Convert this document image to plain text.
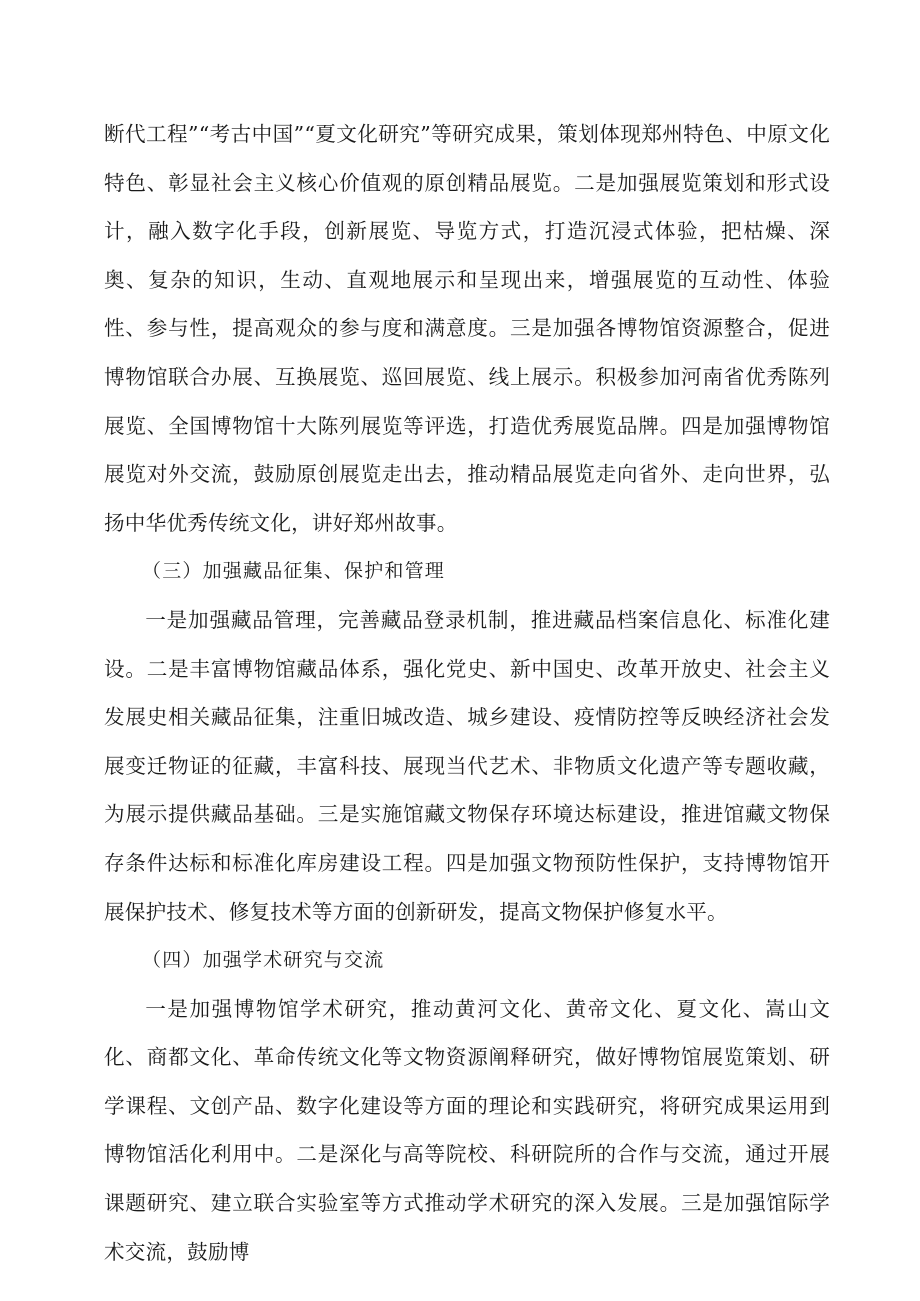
断代工程”“考古中国”“夏文化研究”等研究成果，策划体现郑州特色、中原文化特色、彰显社会主义核心价值观的原创精品展览。二是加强展览策划和形式设计，融入数字化手段，创新展览、导览方式，打造沉浸式体验，把枯燥、深奥、复杂的知识，生动、直观地展示和呈现出来，增强展览的互动性、体验性、参与性，提高观众的参与度和满意度。三是加强各博物馆资源整合，促进博物馆联合办展、互换展览、巡回展览、线上展示。积极参加河南省优秀陈列展览、全国博物馆十大陈列展览等评选，打造优秀展览品牌。四是加强博物馆展览对外交流，鼓励原创展览走出去，推动精品展览走向省外、走向世界，弘扬中华优秀传统文化，讲好郑州故事。

（三）加强藏品征集、保护和管理

一是加强藏品管理，完善藏品登录机制，推进藏品档案信息化、标准化建设。二是丰富博物馆藏品体系，强化党史、新中国史、改革开放史、社会主义发展史相关藏品征集，注重旧城改造、城乡建设、疫情防控等反映经济社会发展变迁物证的征藏，丰富科技、展现当代艺术、非物质文化遗产等专题收藏，为展示提供藏品基础。三是实施馆藏文物保存环境达标建设，推进馆藏文物保存条件达标和标准化库房建设工程。四是加强文物预防性保护，支持博物馆开展保护技术、修复技术等方面的创新研发，提高文物保护修复水平。

（四）加强学术研究与交流

一是加强博物馆学术研究，推动黄河文化、黄帝文化、夏文化、嵩山文化、商都文化、革命传统文化等文物资源阐释研究，做好博物馆展览策划、研学课程、文创产品、数字化建设等方面的理论和实践研究，将研究成果运用到博物馆活化利用中。二是深化与高等院校、科研院所的合作与交流，通过开展课题研究、建立联合实验室等方式推动学术研究的深入发展。三是加强馆际学术交流，鼓励博
